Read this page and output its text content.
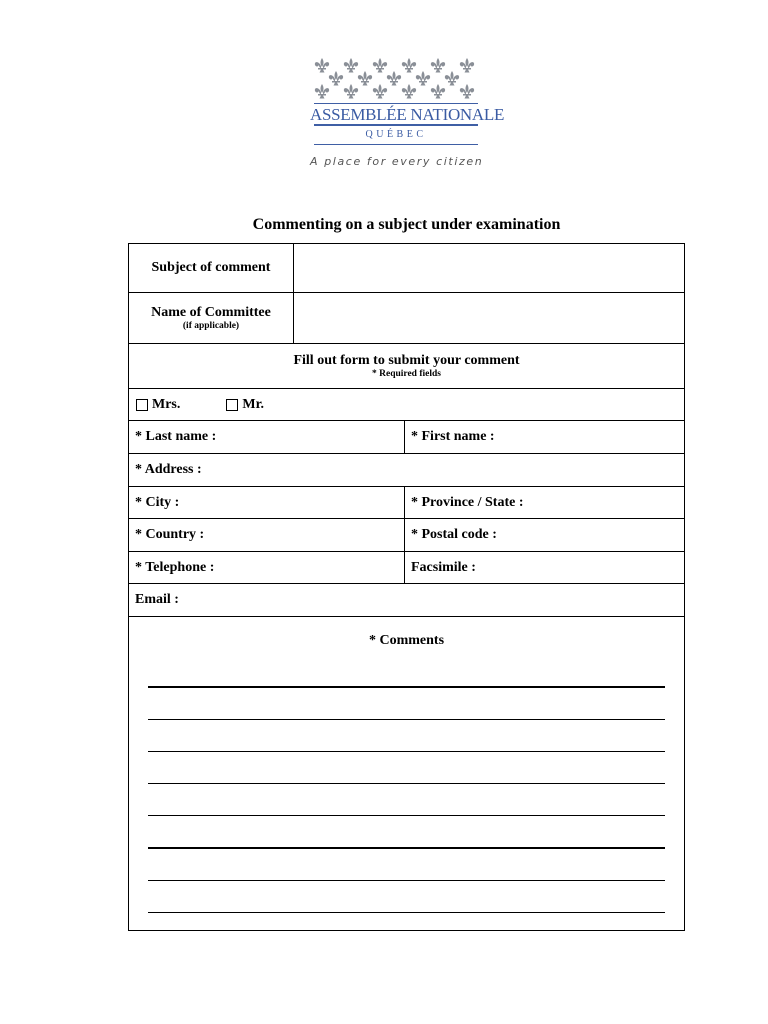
ASSEMBLÉE NATIONALE
QUÉBEC
A place for every citizen
Commenting on a subject under examination
Subject of comment
Name of Committee
(if applicable)
Fill out form to submit your comment
* Required fields
Mrs.	Mr.
* Last name :	* First name :
* Address :
* City :	* Province / State :
* Country :	* Postal code :
* Telephone :	Facsimile :
Email :
* Comments
